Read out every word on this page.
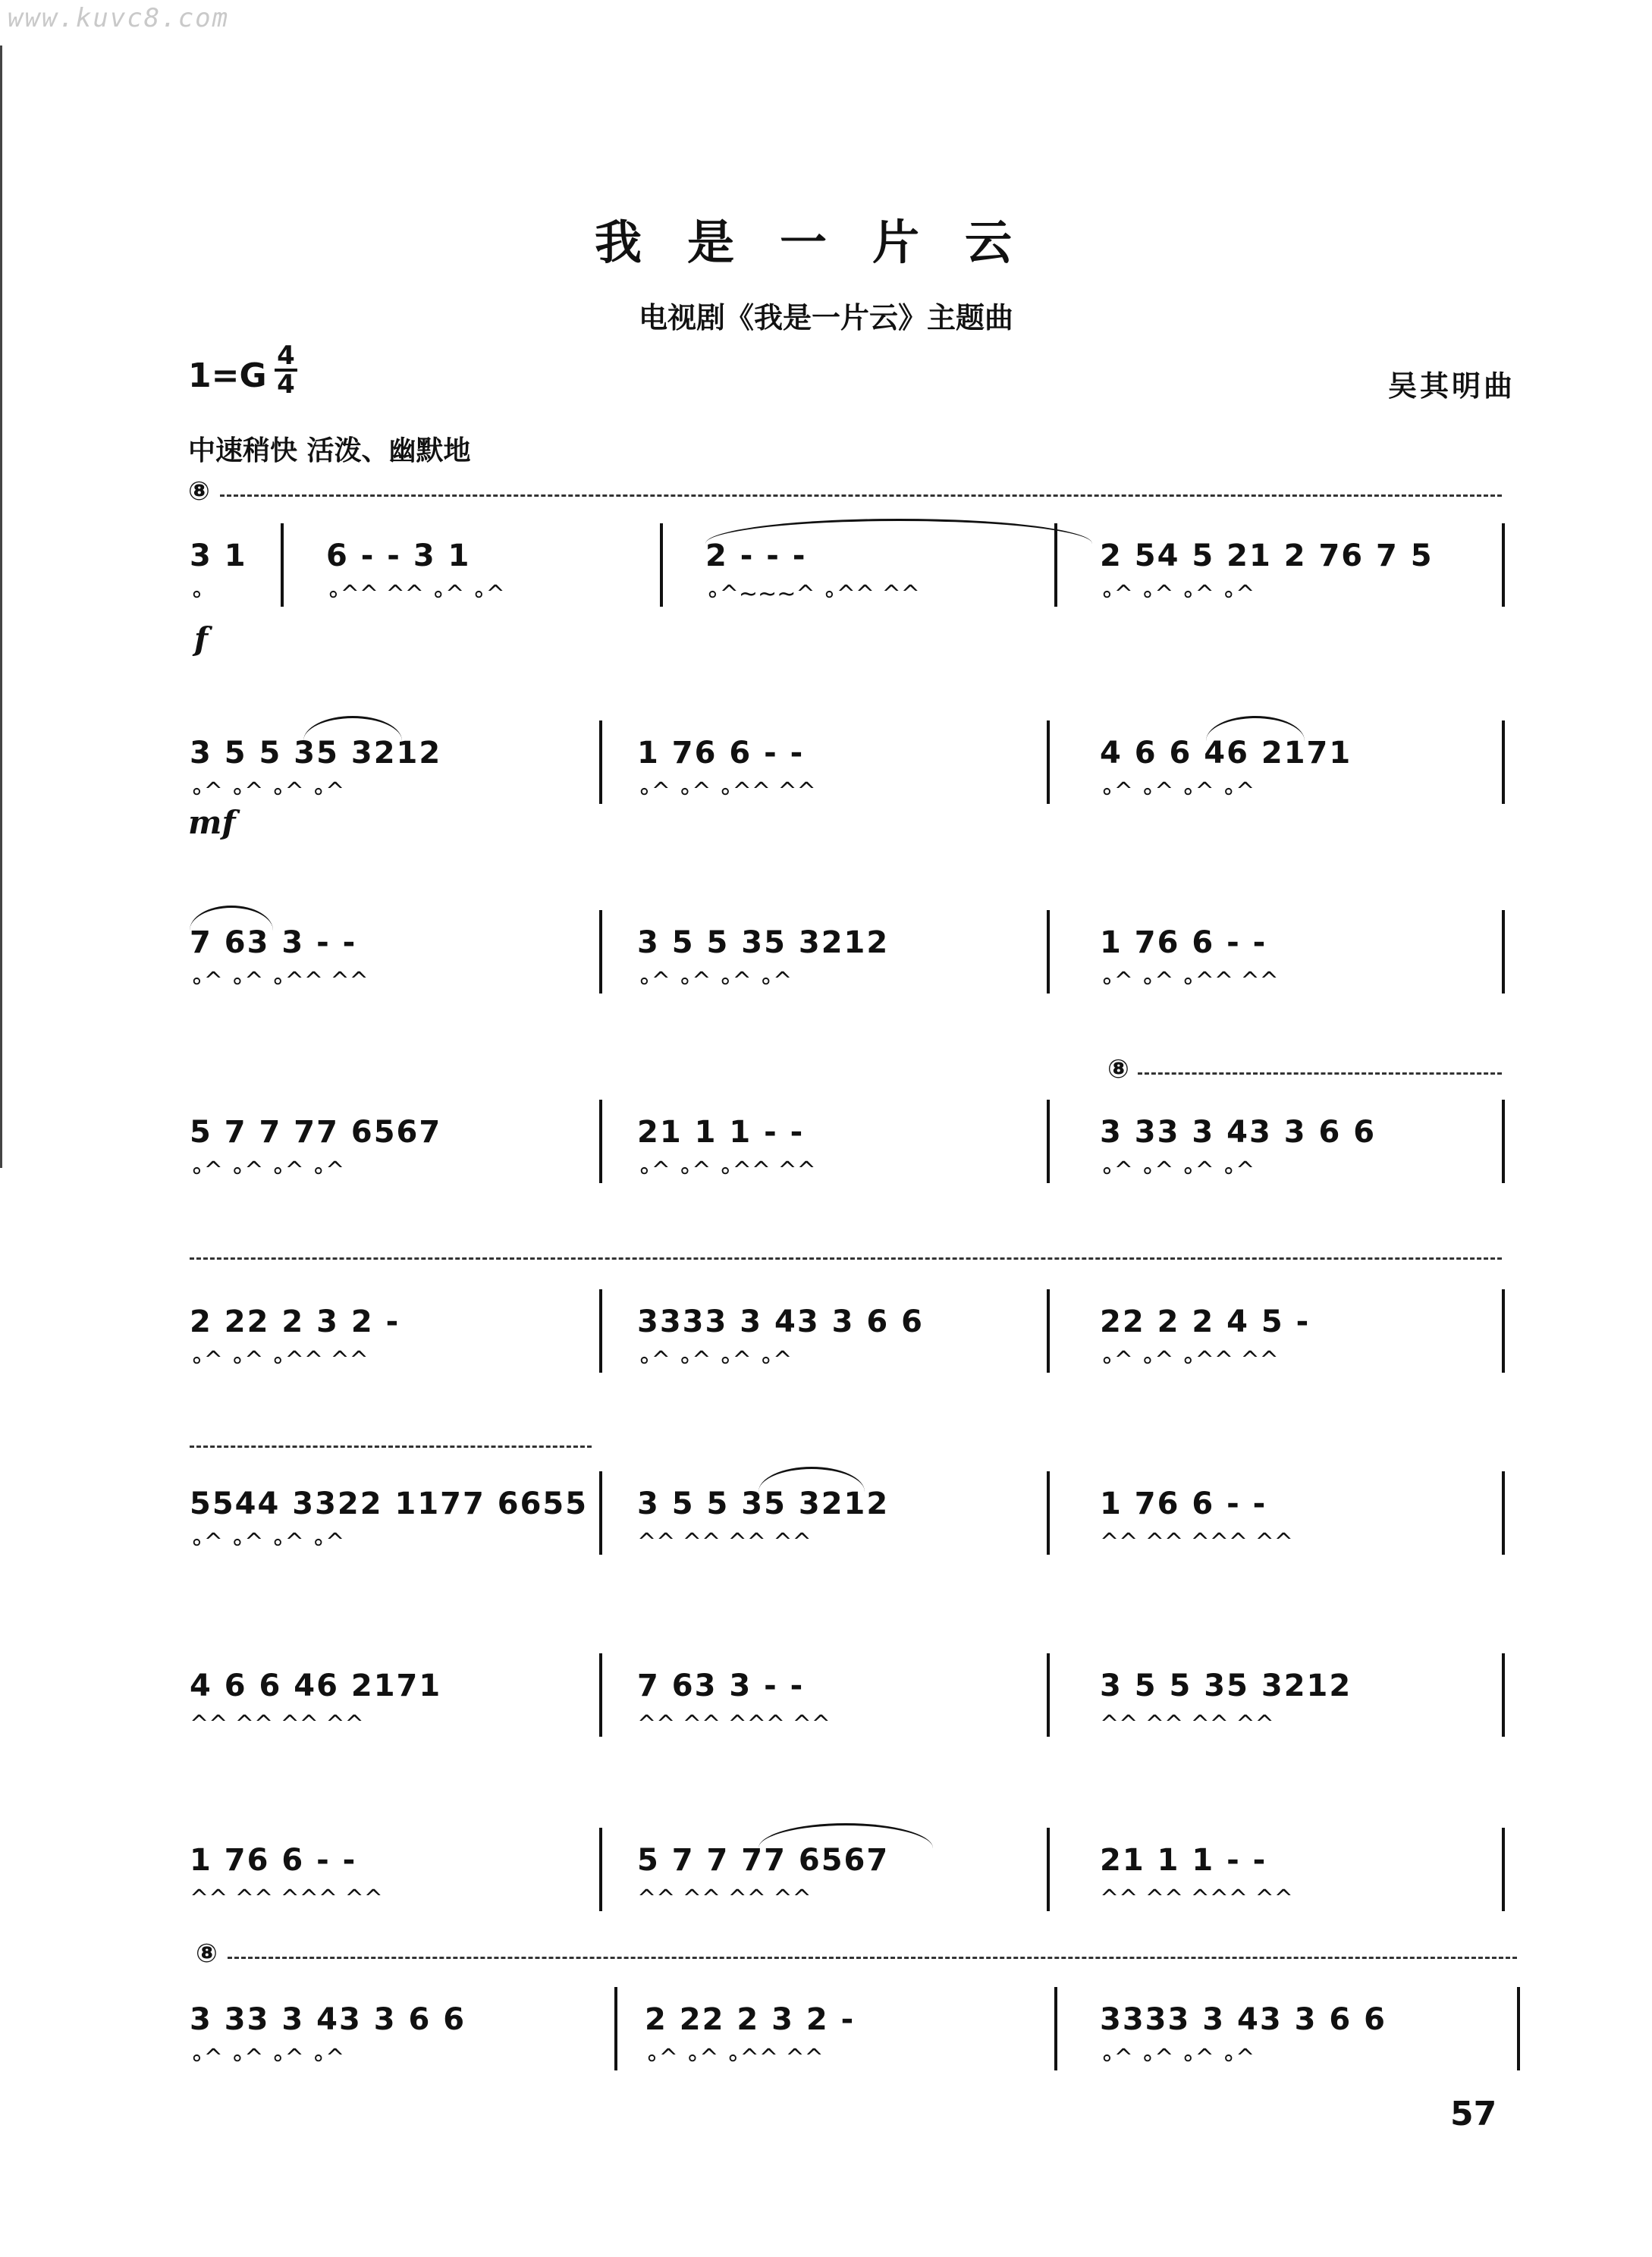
www.kuvc8.com
我是一片云
电视剧《我是一片云》主题曲
1=G
4
4	吴其明曲
中速稍快 活泼、幽默地
⑧
⑧
⑧
f
mf
3 1
∘
6 - - 3 1
∘^^ ^^ ∘^ ∘^
2 - - -
∘^~~~^ ∘^^ ^^
2 54 5 21 2 76 7 5
∘^ ∘^ ∘^ ∘^
3 5 5 35 3212
∘^ ∘^ ∘^ ∘^
1 76 6 - -
∘^ ∘^ ∘^^ ^^
4 6 6 46 2171
∘^ ∘^ ∘^ ∘^
7 63 3 - -
∘^ ∘^ ∘^^ ^^
3 5 5 35 3212
∘^ ∘^ ∘^ ∘^
1 76 6 - -
∘^ ∘^ ∘^^ ^^
5 7 7 77 6567
∘^ ∘^ ∘^ ∘^
21 1 1 - -
∘^ ∘^ ∘^^ ^^
3 33 3 43 3 6 6
∘^ ∘^ ∘^ ∘^
2 22 2 3 2 -
∘^ ∘^ ∘^^ ^^
3333 3 43 3 6 6
∘^ ∘^ ∘^ ∘^
22 2 2 4 5 -
∘^ ∘^ ∘^^ ^^
5544 3322 1177 6655
∘^ ∘^ ∘^ ∘^
3 5 5 35 3212
^^ ^^ ^^ ^^
1 76 6 - -
^^ ^^ ^^^ ^^
4 6 6 46 2171
^^ ^^ ^^ ^^
7 63 3 - -
^^ ^^ ^^^ ^^
3 5 5 35 3212
^^ ^^ ^^ ^^
1 76 6 - -
^^ ^^ ^^^ ^^
5 7 7 77 6567
^^ ^^ ^^ ^^
21 1 1 - -
^^ ^^ ^^^ ^^
3 33 3 43 3 6 6
∘^ ∘^ ∘^ ∘^
2 22 2 3 2 -
∘^ ∘^ ∘^^ ^^
3333 3 43 3 6 6
∘^ ∘^ ∘^ ∘^
57
